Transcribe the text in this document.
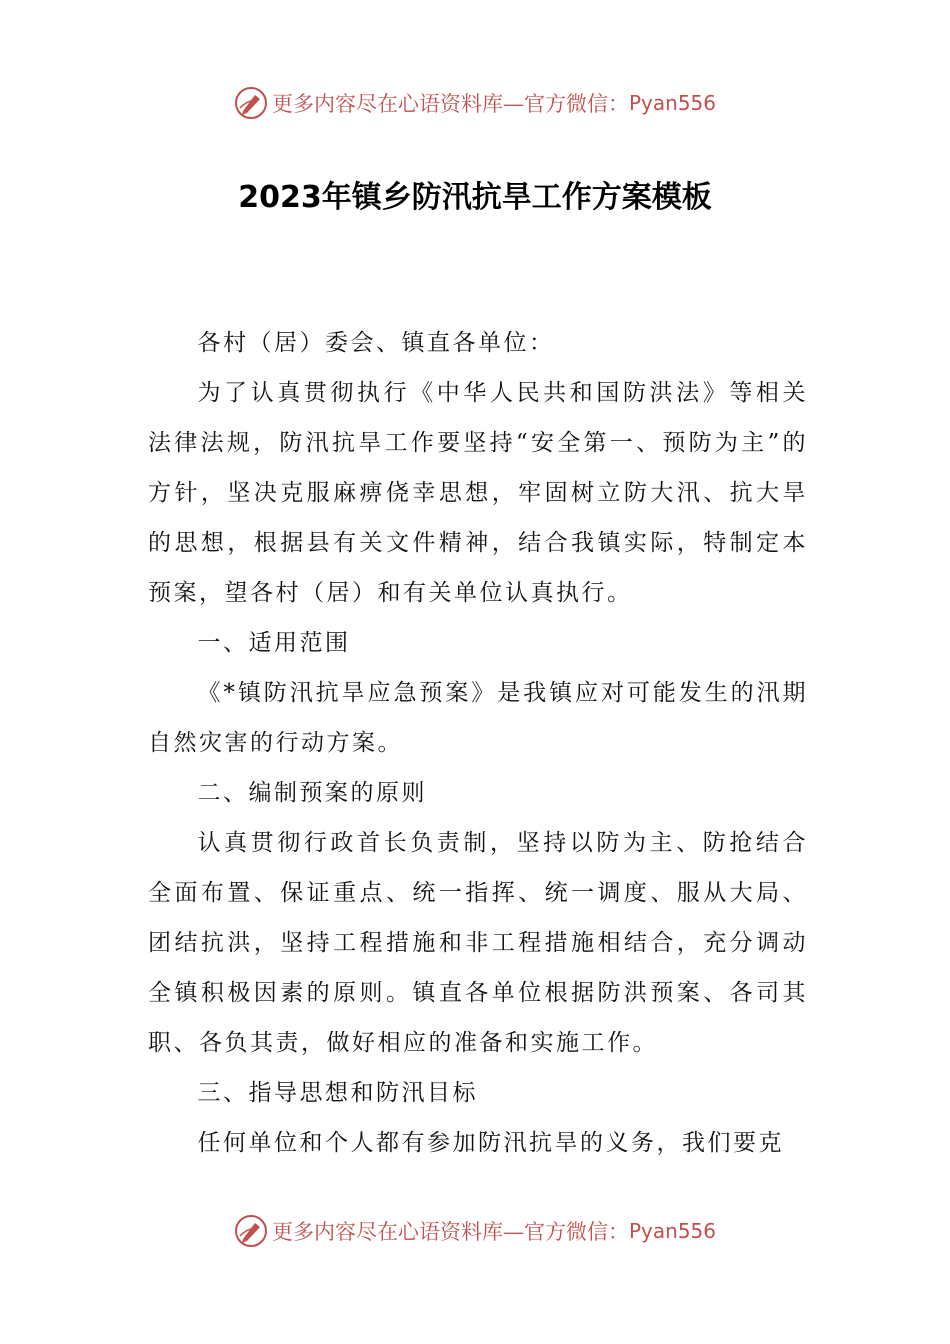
更多内容尽在心语资料库—官方微信： Pyan556
2023年镇乡防汛抗旱工作方案模板

各村（居）委会、镇直各单位：

为了认真贯彻执行《中华人民共和国防洪法》等相关法律法规，防汛抗旱工作要坚持“安全第一、预防为主”的方针，坚决克服麻痹侥幸思想，牢固树立防大汛、抗大旱的思想，根据县有关文件精神，结合我镇实际，特制定本预案，望各村（居）和有关单位认真执行。

一、适用范围

《*镇防汛抗旱应急预案》是我镇应对可能发生的汛期自然灾害的行动方案。

二、编制预案的原则

认真贯彻行政首长负责制，坚持以防为主、防抢结合全面布置、保证重点、统一指挥、统一调度、服从大局、团结抗洪，坚持工程措施和非工程措施相结合，充分调动全镇积极因素的原则。镇直各单位根据防洪预案、各司其职、各负其责，做好相应的准备和实施工作。

三、指导思想和防汛目标

任何单位和个人都有参加防汛抗旱的义务，我们要克

更多内容尽在心语资料库—官方微信： Pyan556
